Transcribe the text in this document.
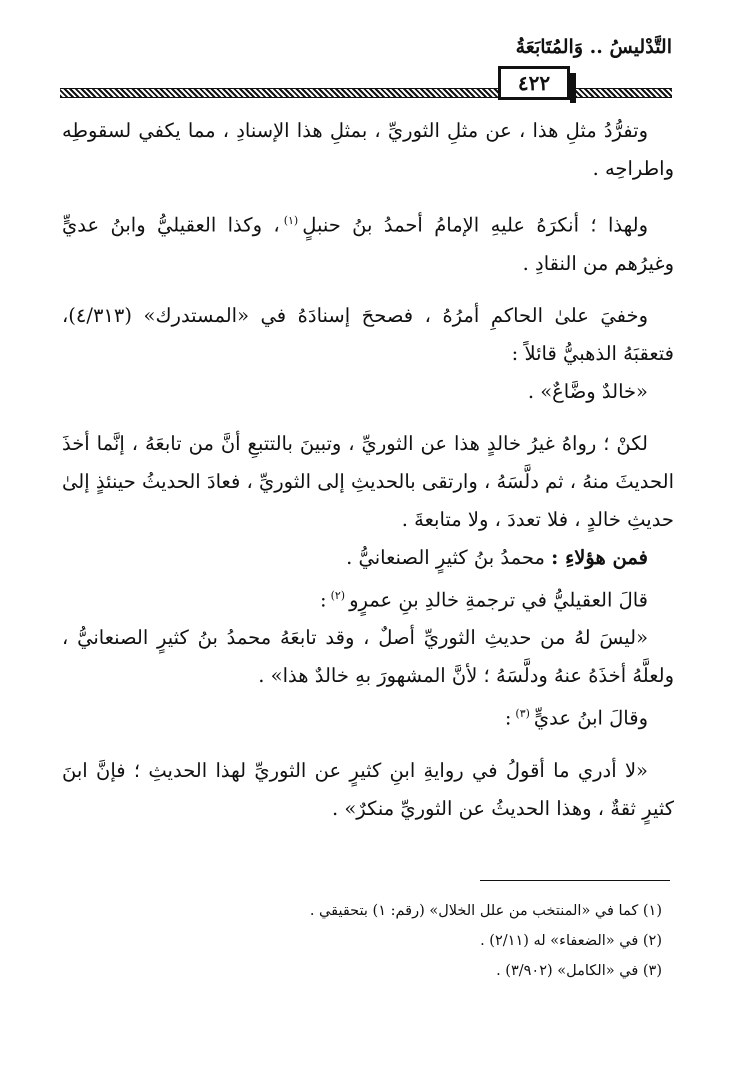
التَّدْليسُ .. وَالمُتَابَعَةُ
٤٢٢

وتفرُّدُ مثلِ هذا ، عن مثلِ الثوريِّ ، بمثلِ هذا الإسنادِ ، مما يكفي لسقوطِه واطراحِه .

ولهذا ؛ أنكرَهُ عليهِ الإمامُ أحمدُ بنُ حنبلٍ$^{(١)}$، وكذا العقيليُّ وابنُ عديٍّ وغيرُهم من النقادِ .

وخفيَ علىٰ الحاكمِ أمرُهُ ، فصححَ إسنادَهُ في «المستدرك» (٤/٣١٣)، فتعقبَهُ الذهبيُّ قائلاً :

«خالدٌ وضَّاعٌ» .

لكنْ ؛ رواهُ غيرُ خالدٍ هذا عن الثوريِّ ، وتبينَ بالتتبعِ أنَّ من تابعَهُ ، إنَّما أخذَ الحديثَ منهُ ، ثم دلَّسَهُ ، وارتقى بالحديثِ إلى الثوريِّ ، فعادَ الحديثُ حينئذٍ إلىٰ حديثِ خالدٍ ، فلا تعددَ ، ولا متابعةَ .

فمن هؤلاءِ : محمدُ بنُ كثيرٍ الصنعانيُّ .

قالَ العقيليُّ في ترجمةِ خالدِ بنِ عمرٍو$^{(٢)}$:

«ليسَ لهُ من حديثِ الثوريِّ أصلٌ ، وقد تابعَهُ محمدُ بنُ كثيرٍ الصنعانيُّ ، ولعلَّهُ أخذَهُ عنهُ ودلَّسَهُ ؛ لأنَّ المشهورَ بهِ خالدٌ هذا» .

وقالَ ابنُ عديٍّ$^{(٣)}$:

«لا أدري ما أقولُ في روايةِ ابنِ كثيرٍ عن الثوريِّ لهذا الحديثِ ؛ فإنَّ ابنَ كثيرٍ ثقةٌ ، وهذا الحديثُ عن الثوريِّ منكرٌ» .

(١) كما في «المنتخب من علل الخلال» (رقم: ١) بتحقيقي .

(٢) في «الضعفاء» له (٢/١١) .

(٣) في «الكامل» (٣/٩٠٢) .
